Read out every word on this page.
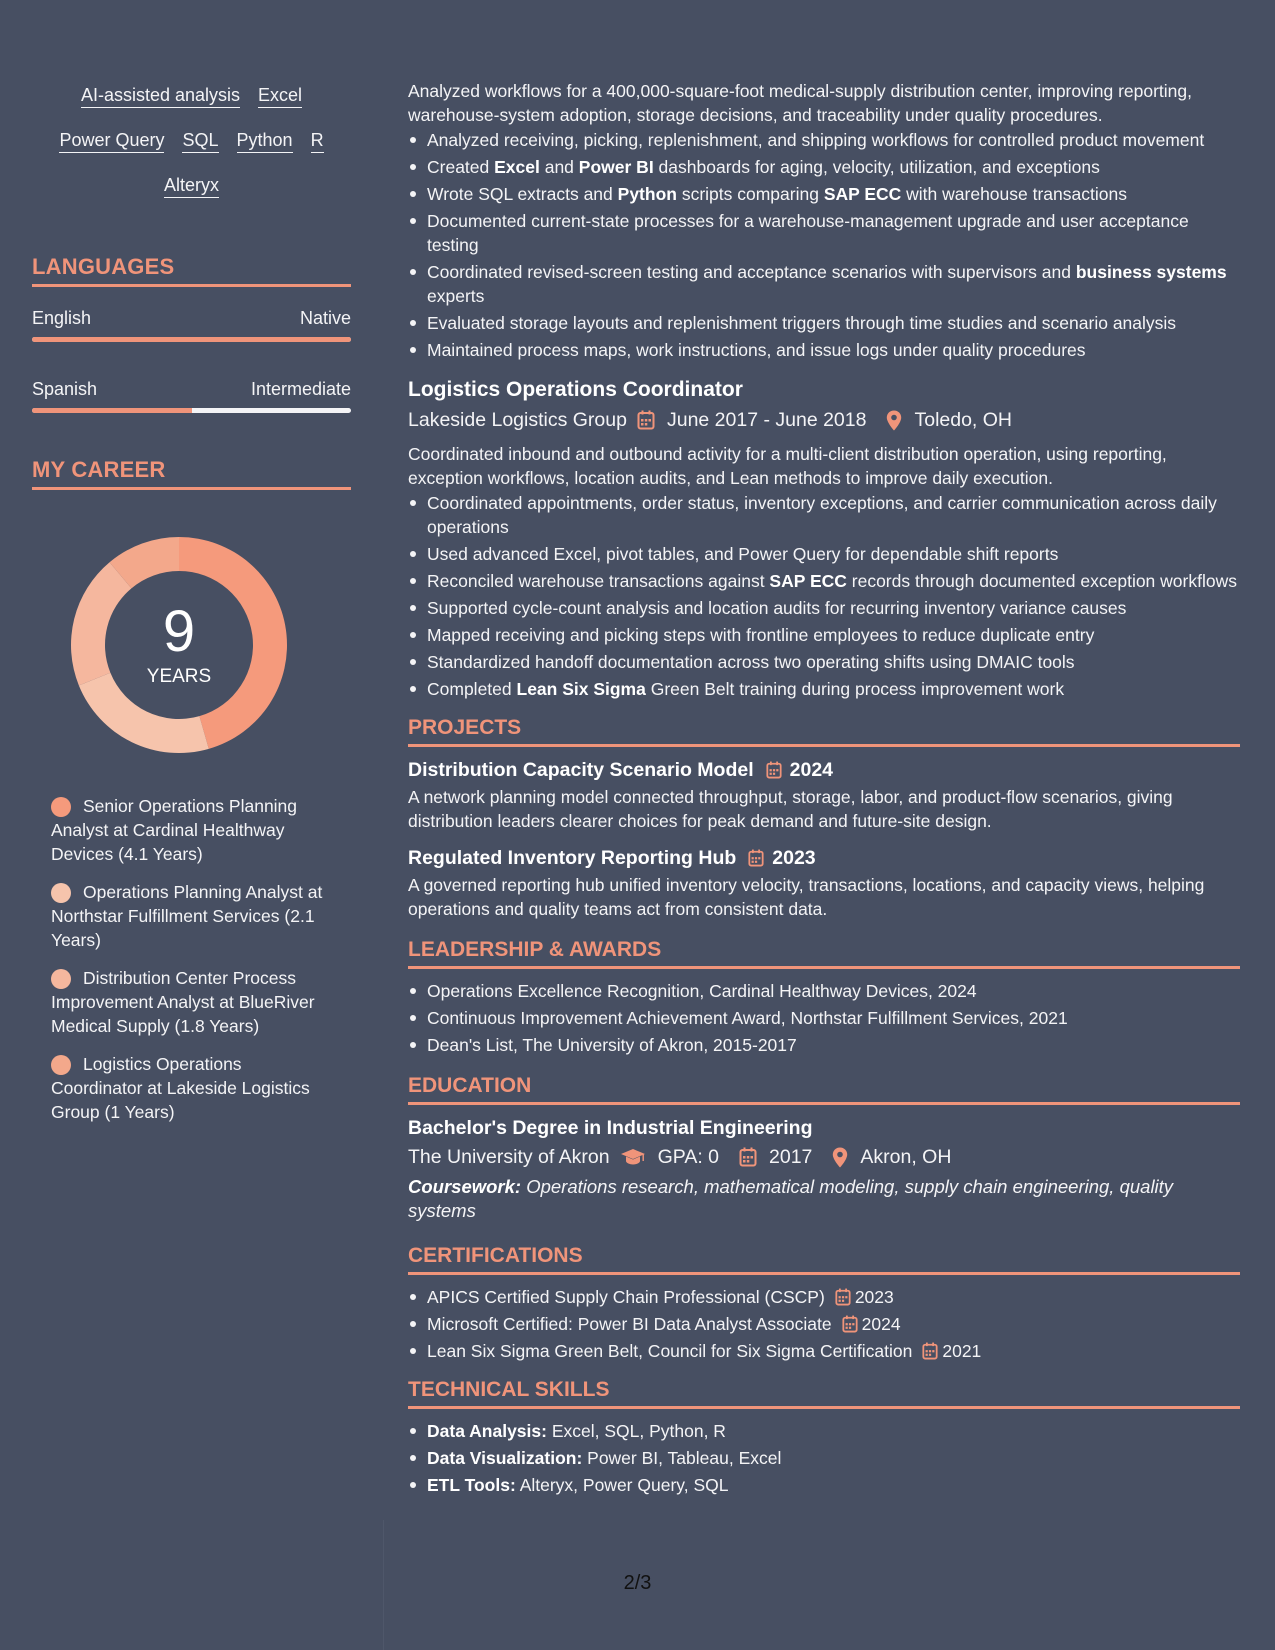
AI-assisted analysis Excel
Power Query SQL Python R
Alteryx
LANGUAGES
English	Native
Spanish	Intermediate
MY CAREER
9
YEARS
Senior Operations Planning Analyst at Cardinal Healthway Devices (4.1 Years)
Operations Planning Analyst at Northstar Fulfillment Services (2.1 Years)
Distribution Center Process Improvement Analyst at BlueRiver Medical Supply (1.8 Years)
Logistics Operations Coordinator at Lakeside Logistics Group (1 Years)
Analyzed workflows for a 400,000-square-foot medical-supply distribution center, improving reporting, warehouse-system adoption, storage decisions, and traceability under quality procedures.
Analyzed receiving, picking, replenishment, and shipping workflows for controlled product movement
Created Excel and Power BI dashboards for aging, velocity, utilization, and exceptions
Wrote SQL extracts and Python scripts comparing SAP ECC with warehouse transactions
Documented current-state processes for a warehouse-management upgrade and user acceptance testing
Coordinated revised-screen testing and acceptance scenarios with supervisors and business systems experts
Evaluated storage layouts and replenishment triggers through time studies and scenario analysis
Maintained process maps, work instructions, and issue logs under quality procedures
Logistics Operations Coordinator
Lakeside Logistics Group June 2017 - June 2018 Toledo, OH
Coordinated inbound and outbound activity for a multi-client distribution operation, using reporting, exception workflows, location audits, and Lean methods to improve daily execution.
Coordinated appointments, order status, inventory exceptions, and carrier communication across daily operations
Used advanced Excel, pivot tables, and Power Query for dependable shift reports
Reconciled warehouse transactions against SAP ECC records through documented exception workflows
Supported cycle-count analysis and location audits for recurring inventory variance causes
Mapped receiving and picking steps with frontline employees to reduce duplicate entry
Standardized handoff documentation across two operating shifts using DMAIC tools
Completed Lean Six Sigma Green Belt training during process improvement work
PROJECTS
Distribution Capacity Scenario Model 2024
A network planning model connected throughput, storage, labor, and product-flow scenarios, giving distribution leaders clearer choices for peak demand and future-site design.
Regulated Inventory Reporting Hub 2023
A governed reporting hub unified inventory velocity, transactions, locations, and capacity views, helping operations and quality teams act from consistent data.
LEADERSHIP & AWARDS
Operations Excellence Recognition, Cardinal Healthway Devices, 2024
Continuous Improvement Achievement Award, Northstar Fulfillment Services, 2021
Dean's List, The University of Akron, 2015-2017
EDUCATION
Bachelor's Degree in Industrial Engineering
The University of Akron GPA: 0	2017 Akron, OH
Coursework: Operations research, mathematical modeling, supply chain engineering, quality systems
CERTIFICATIONS
APICS Certified Supply Chain Professional (CSCP) 2023
Microsoft Certified: Power BI Data Analyst Associate 2024
Lean Six Sigma Green Belt, Council for Six Sigma Certification 2021
TECHNICAL SKILLS
Data Analysis: Excel, SQL, Python, R
Data Visualization: Power BI, Tableau, Excel
ETL Tools: Alteryx, Power Query, SQL
2/3
